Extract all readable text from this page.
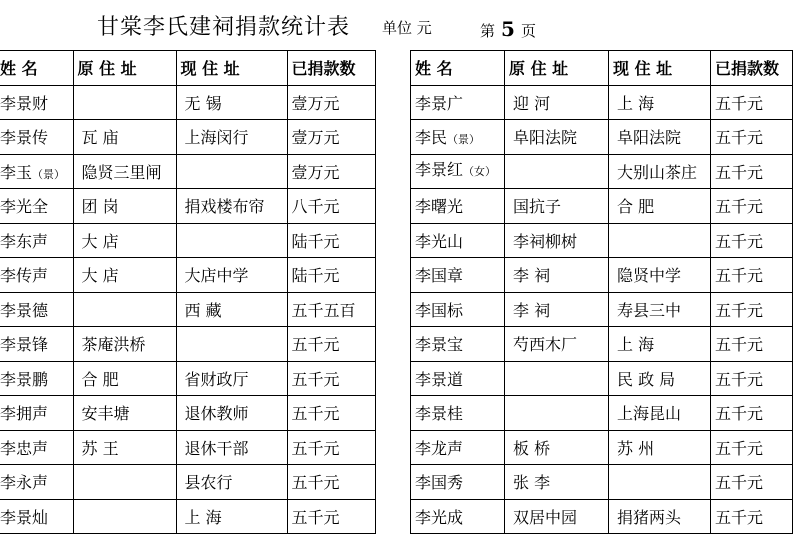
甘棠李氏建祠捐款统计表 单位 元	第 5 页
姓 名	原 住 址	现 住 址	已捐款数
李景财		无 锡	壹万元
李景传	瓦 庙	上海闵行	壹万元
李玉（景）	隐贤三里闸		壹万元
李光全	团 岗	捐戏楼布帘	八千元
李东声	大 店		陆千元
李传声	大 店	大店中学	陆千元
李景德		西 藏	五千五百
李景锋	茶庵洪桥		五千元
李景鹏	合 肥	省财政厅	五千元
李拥声	安丰塘	退休教师	五千元
李忠声	苏 王	退休干部	五千元
李永声		县农行	五千元
李景灿		上 海	五千元
姓 名	原 住 址	现 住 址	已捐款数
李景广	迎 河	上 海	五千元
李民（景）	阜阳法院	阜阳法院	五千元
李景红（女）		大别山茶庄	五千元
李曙光	国抗子	合 肥	五千元
李光山	李祠柳树		五千元
李国章	李 祠	隐贤中学	五千元
李国标	李 祠	寿县三中	五千元
李景宝	芍西木厂	上 海	五千元
李景道		民 政 局	五千元
李景桂		上海昆山	五千元
李龙声	板 桥	苏 州	五千元
李国秀	张 李		五千元
李光成	双居中园	捐猪两头	五千元
